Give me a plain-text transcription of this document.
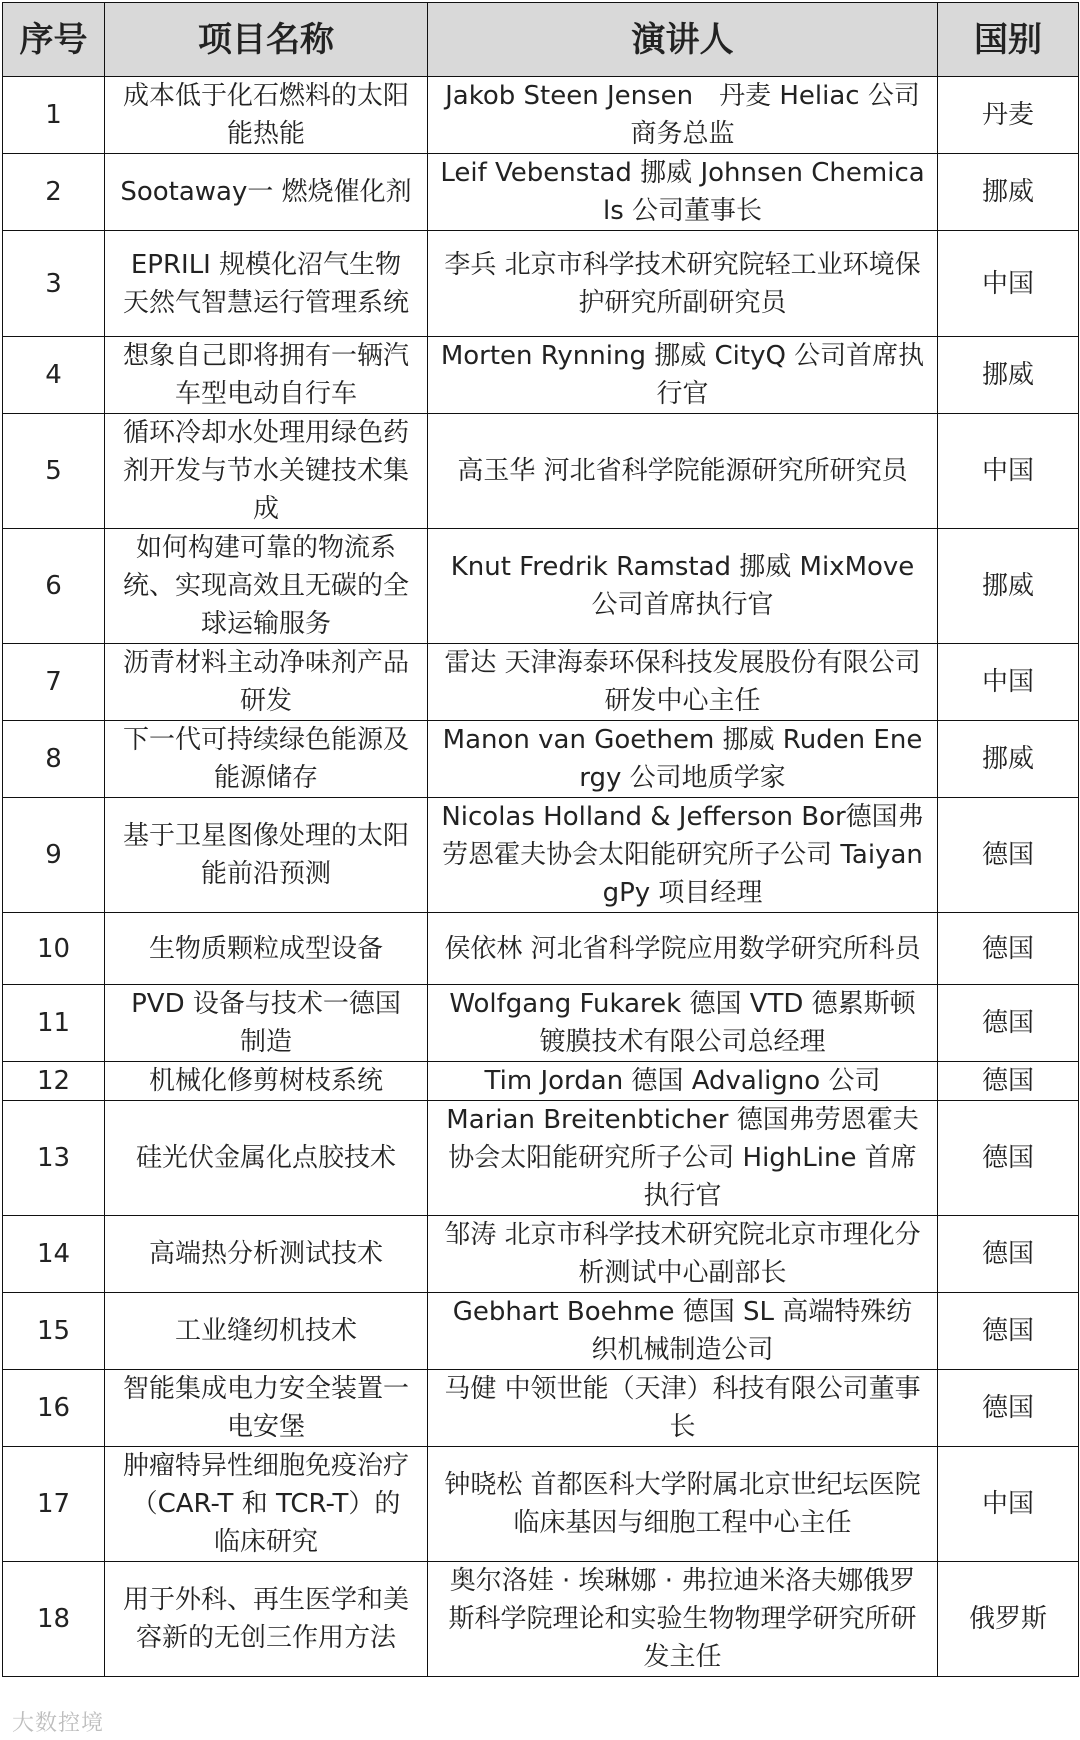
序号	项目名称	演讲人	国别
1	成本低于化石燃料的太阳能热能	Jakob Steen Jensen　丹麦 Heliac 公司商务总监	丹麦
2	Sootaway一 燃烧催化剂	Leif Vebenstad 挪威 Johnsen Chemicals 公司董事长	挪威
3	EPRILI 规模化沼气生物天然气智慧运行管理系统	李兵 北京市科学技术研究院轻工业环境保护研究所副研究员	中国
4	想象自己即将拥有一辆汽车型电动自行车	Morten Rynning 挪威 CityQ 公司首席执行官	挪威
5	循环冷却水处理用绿色药剂开发与节水关键技术集成	高玉华 河北省科学院能源研究所研究员	中国
6	如何构建可靠的物流系统、实现高效且无碳的全球运输服务	Knut Fredrik Ramstad 挪威 MixMove 公司首席执行官	挪威
7	沥青材料主动净味剂产品研发	雷达 天津海泰环保科技发展股份有限公司研发中心主任	中国
8	下一代可持续绿色能源及能源储存	Manon van Goethem 挪威 Ruden Energy 公司地质学家	挪威
9	基于卫星图像处理的太阳能前沿预测	Nicolas Holland & Jefferson Bor德国弗劳恩霍夫协会太阳能研究所子公司 TaiyangPy 项目经理	德国
10	生物质颗粒成型设备	侯依林 河北省科学院应用数学研究所科员	德国
11	PVD 设备与技术一德国制造	Wolfgang Fukarek 德国 VTD 德累斯顿镀膜技术有限公司总经理	德国
12	机械化修剪树枝系统	Tim Jordan 德国 Advaligno 公司	德国
13	硅光伏金属化点胶技术	Marian Breitenbticher 德国弗劳恩霍夫协会太阳能研究所子公司 HighLine 首席执行官	德国
14	高端热分析测试技术	邹涛 北京市科学技术研究院北京市理化分析测试中心副部长	德国
15	工业缝纫机技术	Gebhart Boehme 德国 SL 高端特殊纺织机械制造公司	德国
16	智能集成电力安全装置一电安堡	马健 中领世能（天津）科技有限公司董事长	德国
17	肿瘤特异性细胞免疫治疗（CAR-T 和 TCR-T）的临床研究	钟晓松 首都医科大学附属北京世纪坛医院临床基因与细胞工程中心主任	中国
18	用于外科、再生医学和美容新的无创三作用方法	奥尔洛娃 · 埃琳娜 · 弗拉迪米洛夫娜俄罗斯科学院理论和实验生物物理学研究所研发主任	俄罗斯
大数控境
